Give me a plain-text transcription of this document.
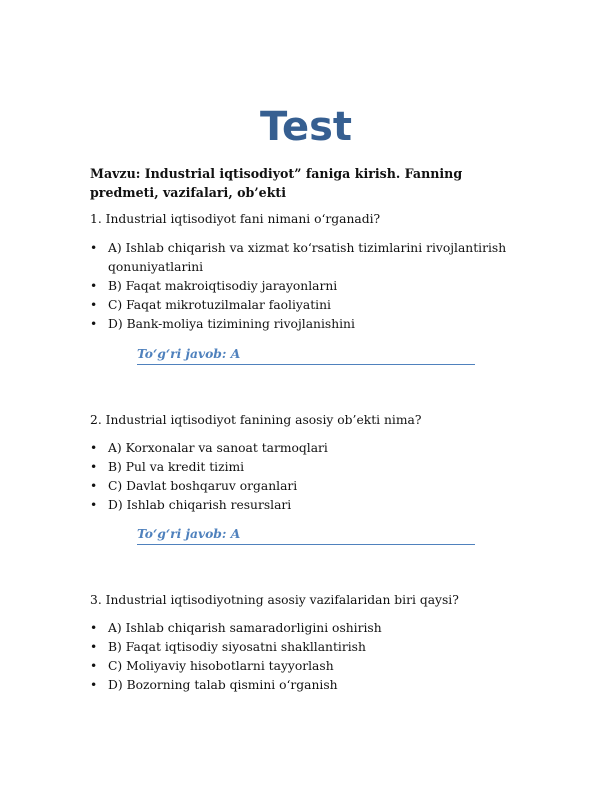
Test
Mavzu: Industrial iqtisodiyot” faniga kirish. Fanning predmeti, vazifalari, ob’ekti
1. Industrial iqtisodiyot fani nimani o‘rganadi?
• A) Ishlab chiqarish va xizmat ko‘rsatish tizimlarini rivojlantirish qonuniyatlarini
• B) Faqat makroiqtisodiy jarayonlarni
• C) Faqat mikrotuzilmalar faoliyatini
• D) Bank-moliya tizimining rivojlanishini
To‘g‘ri javob: A
2. Industrial iqtisodiyot fanining asosiy ob’ekti nima?
• A) Korxonalar va sanoat tarmoqlari
• B) Pul va kredit tizimi
• C) Davlat boshqaruv organlari
• D) Ishlab chiqarish resurslari
To‘g‘ri javob: A
3. Industrial iqtisodiyotning asosiy vazifalaridan biri qaysi?
• A) Ishlab chiqarish samaradorligini oshirish
• B) Faqat iqtisodiy siyosatni shakllantirish
• C) Moliyaviy hisobotlarni tayyorlash
• D) Bozorning talab qismini o‘rganish
